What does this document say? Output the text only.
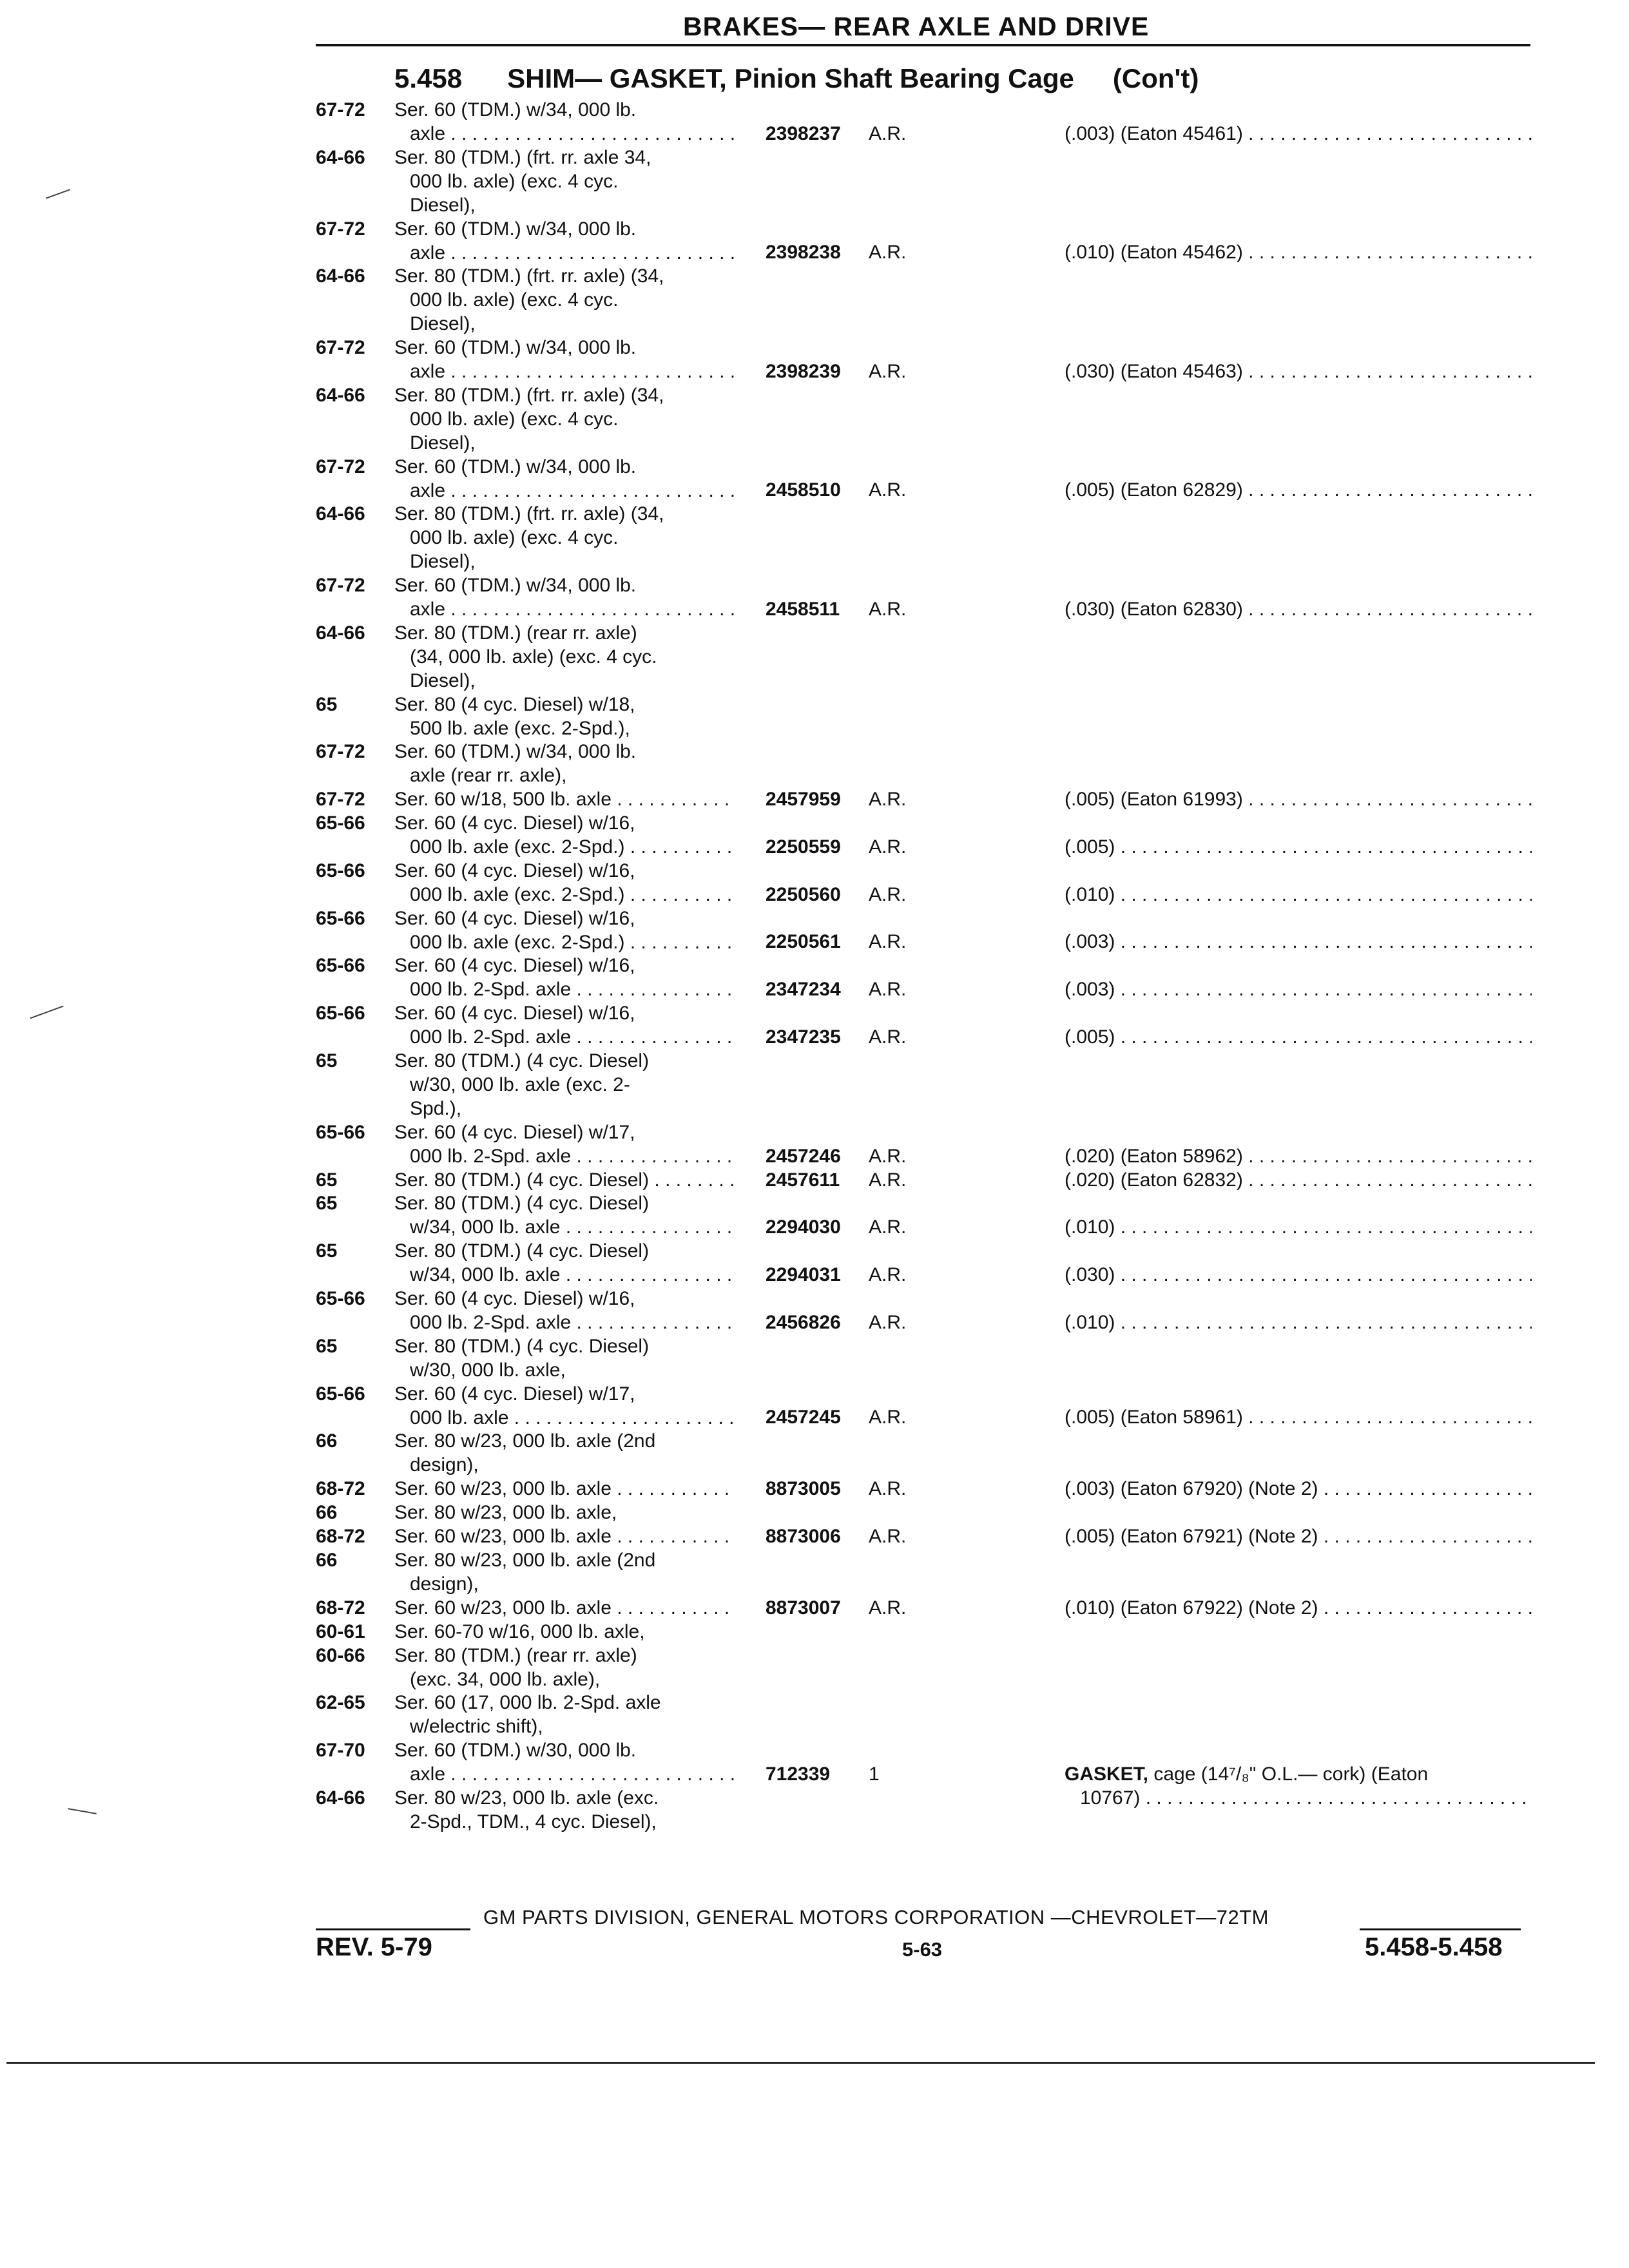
BRAKES— REAR AXLE AND DRIVE
5.458 SHIM— GASKET, Pinion Shaft Bearing Cage (Con't)
67-72	Ser. 60 (TDM.) w/34, 000 lb.
axle . . .	2398237	A.R.	(.003) (Eaton 45461) . . .
64-66	Ser. 80 (TDM.) (frt. rr. axle 34,
000 lb. axle) (exc. 4 cyc.
Diesel),
67-72	Ser. 60 (TDM.) w/34, 000 lb.
axle . . .	2398238	A.R.	(.010) (Eaton 45462) . . .
64-66	Ser. 80 (TDM.) (frt. rr. axle) (34,
000 lb. axle) (exc. 4 cyc.
Diesel),
67-72	Ser. 60 (TDM.) w/34, 000 lb.
axle . . .	2398239	A.R.	(.030) (Eaton 45463) . . .
64-66	Ser. 80 (TDM.) (frt. rr. axle) (34,
000 lb. axle) (exc. 4 cyc.
Diesel),
67-72	Ser. 60 (TDM.) w/34, 000 lb.
axle . . .	2458510	A.R.	(.005) (Eaton 62829) . . .
64-66	Ser. 80 (TDM.) (frt. rr. axle) (34,
000 lb. axle) (exc. 4 cyc.
Diesel),
67-72	Ser. 60 (TDM.) w/34, 000 lb.
axle . . .	2458511	A.R.	(.030) (Eaton 62830) . . .
64-66	Ser. 80 (TDM.) (rear rr. axle)
(34, 000 lb. axle) (exc. 4 cyc.
Diesel),
65	Ser. 80 (4 cyc. Diesel) w/18,
500 lb. axle (exc. 2-Spd.),
67-72	Ser. 60 (TDM.) w/34, 000 lb.
axle (rear rr. axle),
67-72	Ser. 60 w/18, 500 lb. axle . . .	2457959	A.R.	(.005) (Eaton 61993) . . .
65-66	Ser. 60 (4 cyc. Diesel) w/16,
000 lb. axle (exc. 2-Spd.) . . .	2250559	A.R.	(.005) . . .
65-66	Ser. 60 (4 cyc. Diesel) w/16,
000 lb. axle (exc. 2-Spd.) . . .	2250560	A.R.	(.010) . . .
65-66	Ser. 60 (4 cyc. Diesel) w/16,
000 lb. axle (exc. 2-Spd.) . . .	2250561	A.R.	(.003) . . .
65-66	Ser. 60 (4 cyc. Diesel) w/16,
000 lb. 2-Spd. axle . . .	2347234	A.R.	(.003) . . .
65-66	Ser. 60 (4 cyc. Diesel) w/16,
000 lb. 2-Spd. axle . . .	2347235	A.R.	(.005) . . .
65	Ser. 80 (TDM.) (4 cyc. Diesel)
w/30, 000 lb. axle (exc. 2-
Spd.),
65-66	Ser. 60 (4 cyc. Diesel) w/17,
000 lb. 2-Spd. axle . . .	2457246	A.R.	(.020) (Eaton 58962) . . .
65	Ser. 80 (TDM.) (4 cyc. Diesel) . . .	2457611	A.R.	(.020) (Eaton 62832) . . .
65	Ser. 80 (TDM.) (4 cyc. Diesel)
w/34, 000 lb. axle . . .	2294030	A.R.	(.010) . . .
65	Ser. 80 (TDM.) (4 cyc. Diesel)
w/34, 000 lb. axle . . .	2294031	A.R.	(.030) . . .
65-66	Ser. 60 (4 cyc. Diesel) w/16,
000 lb. 2-Spd. axle . . .	2456826	A.R.	(.010) . . .
65	Ser. 80 (TDM.) (4 cyc. Diesel)
w/30, 000 lb. axle,
65-66	Ser. 60 (4 cyc. Diesel) w/17,
000 lb. axle . . .	2457245	A.R.	(.005) (Eaton 58961) . . .
66	Ser. 80 w/23, 000 lb. axle (2nd
design),
68-72	Ser. 60 w/23, 000 lb. axle . . .	8873005	A.R.	(.003) (Eaton 67920) (Note 2) . . .
66	Ser. 80 w/23, 000 lb. axle,
68-72	Ser. 60 w/23, 000 lb. axle . . .	8873006	A.R.	(.005) (Eaton 67921) (Note 2) . . .
66	Ser. 80 w/23, 000 lb. axle (2nd
design),
68-72	Ser. 60 w/23, 000 lb. axle . . .	8873007	A.R.	(.010) (Eaton 67922) (Note 2) . . .
60-61	Ser. 60-70 w/16, 000 lb. axle,
60-66	Ser. 80 (TDM.) (rear rr. axle)
(exc. 34, 000 lb. axle),
62-65	Ser. 60 (17, 000 lb. 2-Spd. axle
w/electric shift),
67-70	Ser. 60 (TDM.) w/30, 000 lb.
axle . . .	712339	1	GASKET, cage (14⁷/₈" O.L.— cork) (Eaton
10767) . . .
64-66	Ser. 80 w/23, 000 lb. axle (exc.
2-Spd., TDM., 4 cyc. Diesel),
GM PARTS DIVISION, GENERAL MOTORS CORPORATION —CHEVROLET—72TM
REV. 5-79	5-63	5.458-5.458
